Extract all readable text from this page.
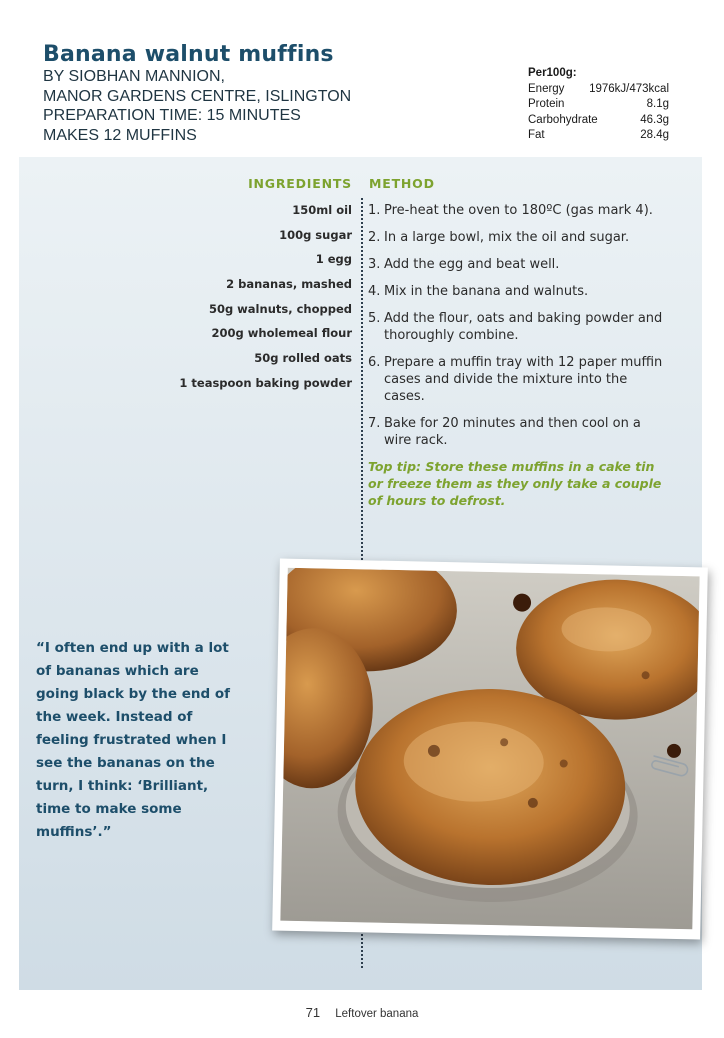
Banana walnut muffins
BY SIOBHAN MANNION,
MANOR GARDENS CENTRE, ISLINGTON
PREPARATION TIME: 15 MINUTES
MAKES 12 MUFFINS
Per100g:
Energy 1976kJ/473kcal
Protein	8.1g
Carbohydrate	46.3g
Fat	28.4g
INGREDIENTS
150ml oil
100g sugar
1 egg
2 bananas, mashed
50g walnuts, chopped
200g wholemeal flour
50g rolled oats
1 teaspoon baking powder
METHOD
1. Pre-heat the oven to 180ºC (gas mark 4).
2. In a large bowl, mix the oil and sugar.
3. Add the egg and beat well.
4. Mix in the banana and walnuts.
5. Add the flour, oats and baking powder and thoroughly combine.
6. Prepare a muffin tray with 12 paper muffin cases and divide the mixture into the cases.
7. Bake for 20 minutes and then cool on a wire rack.

Top tip: Store these muffins in a cake tin or freeze them as they only take a couple of hours to defrost.

“I often end up with a lot of bananas which are going black by the end of the week. Instead of feeling frustrated when I see the bananas on the turn, I think: ‘Brilliant, time to make some muffins’.”

71 Leftover banana
